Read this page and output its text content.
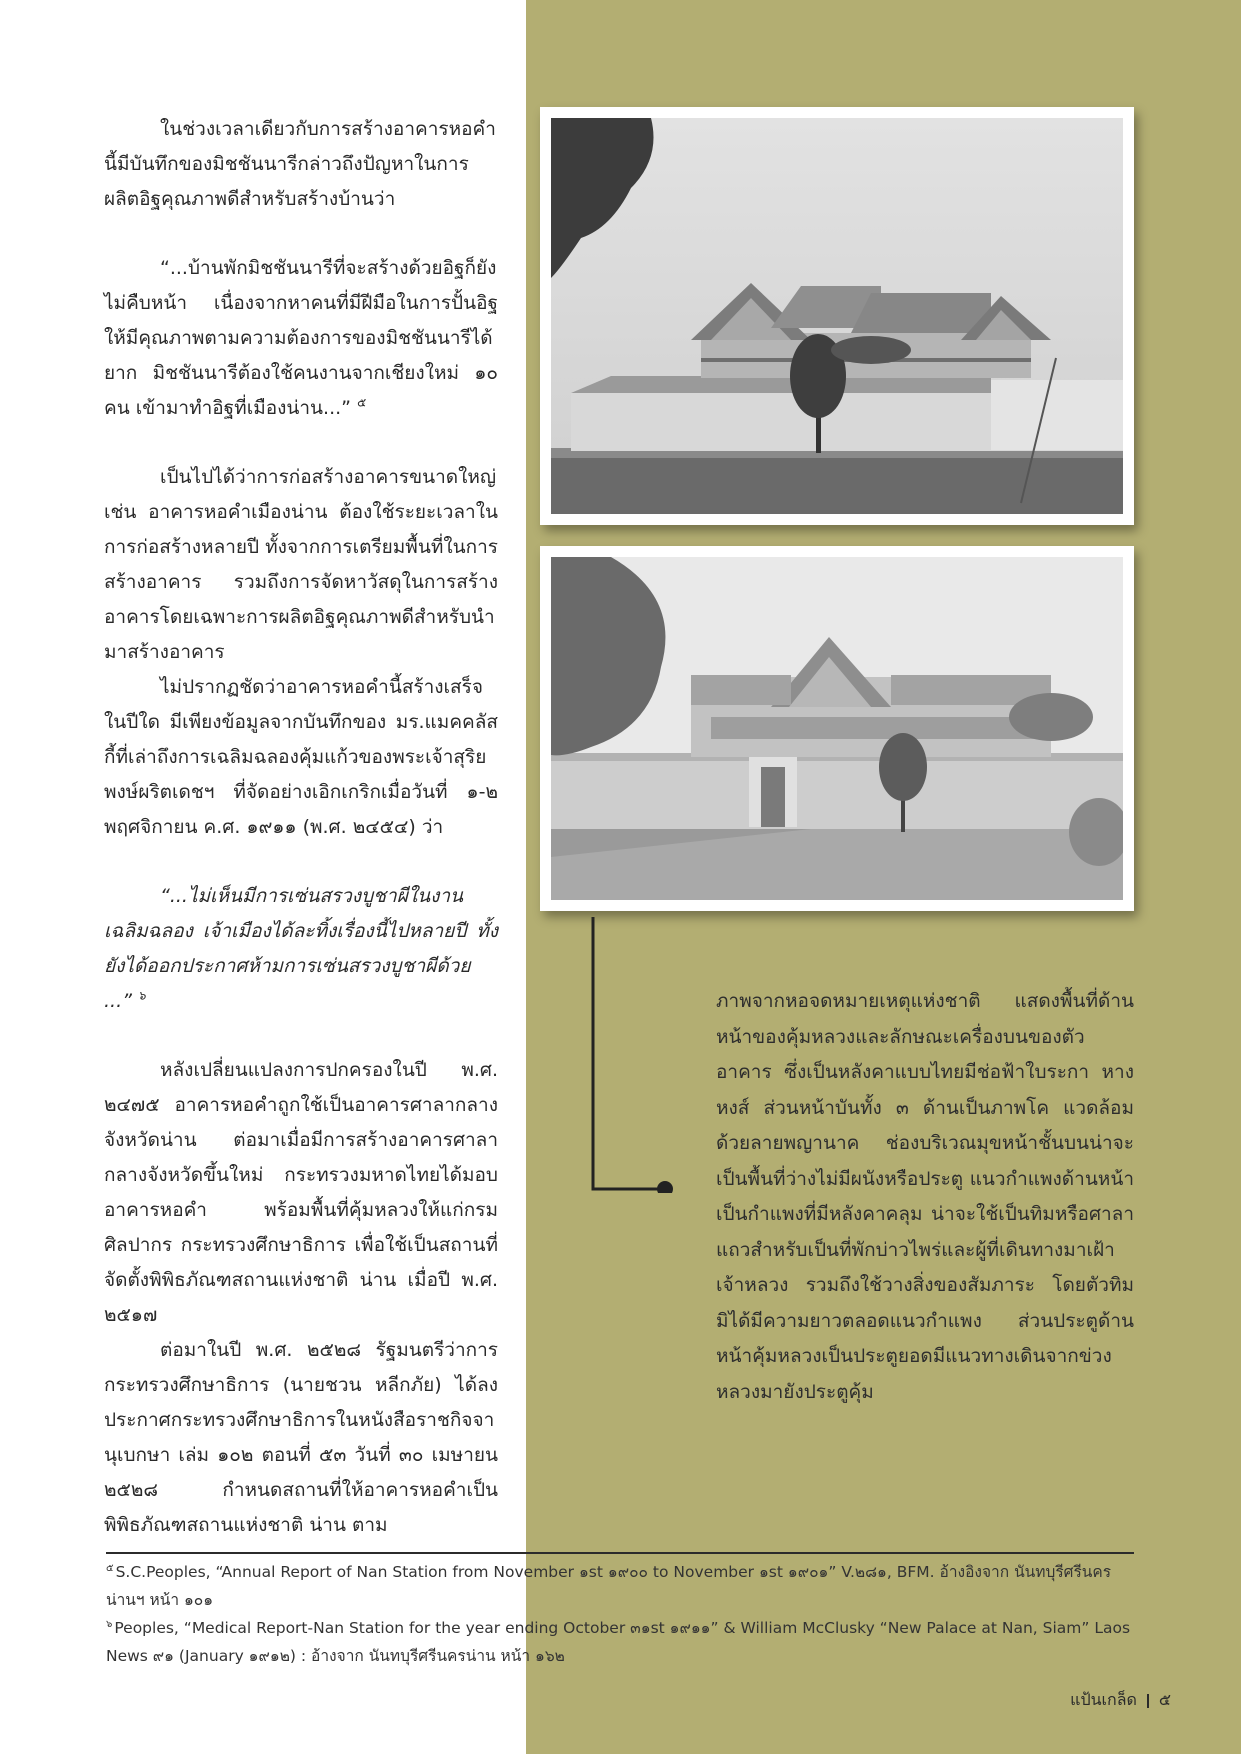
ในช่วงเวลาเดียวกับการสร้างอาคารหอคำนี้มีบันทึกของมิชชันนารีกล่าวถึงปัญหาในการผลิตอิฐคุณภาพดีสำหรับสร้างบ้านว่า

“...บ้านพักมิชชันนารีที่จะสร้างด้วยอิฐก็ยังไม่คืบหน้า เนื่องจากหาคนที่มีฝีมือในการปั้นอิฐให้มีคุณภาพตามความต้องการของมิชชันนารีได้ยาก มิชชันนารีต้องใช้คนงานจากเชียงใหม่ ๑๐ คน เข้ามาทำอิฐที่เมืองน่าน...” $^๕$

เป็นไปได้ว่าการก่อสร้างอาคารขนาดใหญ่ เช่น อาคารหอคำเมืองน่าน ต้องใช้ระยะเวลาในการก่อสร้างหลายปี ทั้งจากการเตรียมพื้นที่ในการสร้างอาคาร รวมถึงการจัดหาวัสดุในการสร้างอาคารโดยเฉพาะการผลิตอิฐคุณภาพดีสำหรับนำมาสร้างอาคาร

ไม่ปรากฏชัดว่าอาคารหอคำนี้สร้างเสร็จในปีใด มีเพียงข้อมูลจากบันทึกของ มร.แมคคลัสกี้ที่เล่าถึงการเฉลิมฉลองคุ้มแก้วของพระเจ้าสุริยพงษ์ผริตเดชฯ ที่จัดอย่างเอิกเกริกเมื่อวันที่ ๑-๒ พฤศจิกายน ค.ศ. ๑๙๑๑ (พ.ศ. ๒๔๕๔) ว่า

“...ไม่เห็นมีการเซ่นสรวงบูชาผีในงานเฉลิมฉลอง เจ้าเมืองได้ละทิ้งเรื่องนี้ไปหลายปี ทั้งยังได้ออกประกาศห้ามการเซ่นสรวงบูชาผีด้วย ...” $^๖$

หลังเปลี่ยนแปลงการปกครองในปี พ.ศ. ๒๔๗๕ อาคารหอคำถูกใช้เป็นอาคารศาลากลางจังหวัดน่าน ต่อมาเมื่อมีการสร้างอาคารศาลากลางจังหวัดขึ้นใหม่ กระทรวงมหาดไทยได้มอบอาคารหอคำ พร้อมพื้นที่คุ้มหลวงให้แก่กรมศิลปากร กระทรวงศึกษาธิการ เพื่อใช้เป็นสถานที่จัดตั้งพิพิธภัณฑสถานแห่งชาติ น่าน เมื่อปี พ.ศ. ๒๕๑๗

ต่อมาในปี พ.ศ. ๒๕๒๘ รัฐมนตรีว่าการกระทรวงศึกษาธิการ (นายชวน หลีกภัย) ได้ลงประกาศกระทรวงศึกษาธิการในหนังสือราชกิจจานุเบกษา เล่ม ๑๐๒ ตอนที่ ๕๓ วันที่ ๓๐ เมษายน ๒๕๒๘ กำหนดสถานที่ให้อาคารหอคำเป็นพิพิธภัณฑสถานแห่งชาติ น่าน ตาม

ภาพจากหอจดหมายเหตุแห่งชาติ แสดงพื้นที่ด้านหน้าของคุ้มหลวงและลักษณะเครื่องบนของตัวอาคาร ซึ่งเป็นหลังคาแบบไทยมีช่อฟ้าใบระกา หางหงส์ ส่วนหน้าบันทั้ง ๓ ด้านเป็นภาพโค แวดล้อมด้วยลายพญานาค ช่องบริเวณมุขหน้าชั้นบนน่าจะเป็นพื้นที่ว่างไม่มีผนังหรือประตู แนวกำแพงด้านหน้าเป็นกำแพงที่มีหลังคาคลุม น่าจะใช้เป็นทิมหรือศาลาแถวสำหรับเป็นที่พักบ่าวไพร่และผู้ที่เดินทางมาเฝ้าเจ้าหลวง รวมถึงใช้วางสิ่งของสัมภาระ โดยตัวทิมมิได้มีความยาวตลอดแนวกำแพง ส่วนประตูด้านหน้าคุ้มหลวงเป็นประตูยอดมีแนวทางเดินจากข่วงหลวงมายังประตูคุ้ม

$^๕$ S.C.Peoples, “Annual Report of Nan Station from November ๑st ๑๙๐๐ to November ๑st ๑๙๐๑” V.๒๘๑, BFM. อ้างอิงจาก นันทบุรีศรีนครน่านฯ หน้า ๑๐๑

$^๖$ Peoples, “Medical Report-Nan Station for the year ending October ๓๑st ๑๙๑๑” & William McClusky “New Palace at Nan, Siam” Laos News ๙๑ (January ๑๙๑๒) : อ้างจาก นันทบุรีศรีนครน่าน หน้า ๑๖๒

แป้นเกล็ด ๕
